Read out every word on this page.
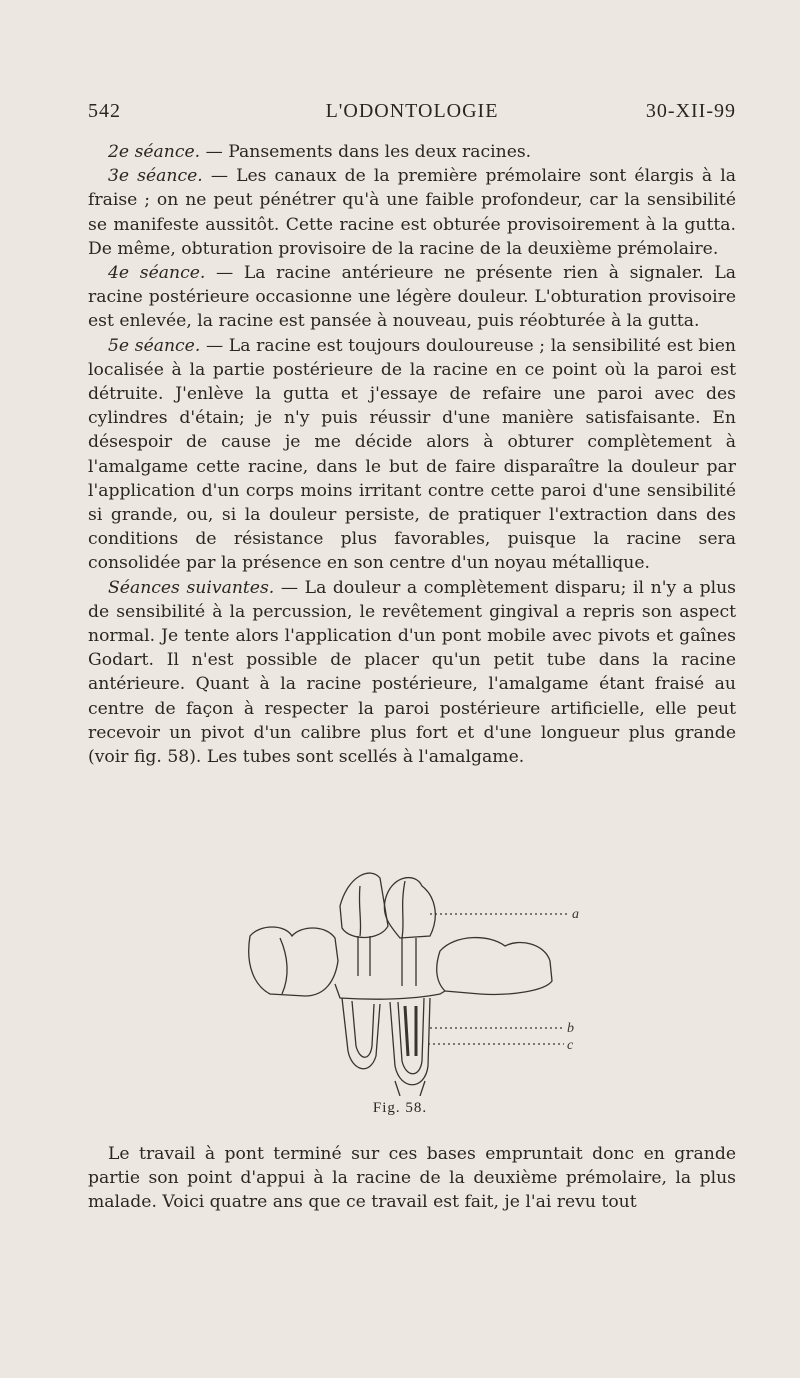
L'ODONTOLOGIE
542	30-XII-99

2e séance. — Pansements dans les deux racines.

3e séance. — Les canaux de la première prémolaire sont élargis à la fraise ; on ne peut pénétrer qu'à une faible profondeur, car la sensibilité se manifeste aussitôt. Cette racine est obturée provisoirement à la gutta. De même, obturation provisoire de la racine de la deuxième prémolaire.

4e séance. — La racine antérieure ne présente rien à signaler. La racine postérieure occasionne une légère douleur. L'obturation provisoire est enlevée, la racine est pansée à nouveau, puis réobturée à la gutta.

5e séance. — La racine est toujours douloureuse ; la sensibilité est bien localisée à la partie postérieure de la racine en ce point où la paroi est détruite. J'enlève la gutta et j'essaye de refaire une paroi avec des cylindres d'étain; je n'y puis réussir d'une manière satisfaisante. En désespoir de cause je me décide alors à obturer complètement à l'amalgame cette racine, dans le but de faire disparaître la douleur par l'application d'un corps moins irritant contre cette paroi d'une sensibilité si grande, ou, si la douleur persiste, de pratiquer l'extraction dans des conditions de résistance plus favorables, puisque la racine sera consolidée par la présence en son centre d'un noyau métallique.

Séances suivantes. — La douleur a complètement disparu; il n'y a plus de sensibilité à la percussion, le revêtement gingival a repris son aspect normal. Je tente alors l'application d'un pont mobile avec pivots et gaînes Godart. Il n'est possible de placer qu'un petit tube dans la racine antérieure. Quant à la racine postérieure, l'amalgame étant fraisé au centre de façon à respecter la paroi postérieure artificielle, elle peut recevoir un pivot d'un calibre plus fort et d'une longueur plus grande (voir fig. 58). Les tubes sont scellés à l'amalgame.

a
b
c
Fig. 58.

Le travail à pont terminé sur ces bases empruntait donc en grande partie son point d'appui à la racine de la deuxième prémolaire, la plus malade. Voici quatre ans que ce travail est fait, je l'ai revu tout
